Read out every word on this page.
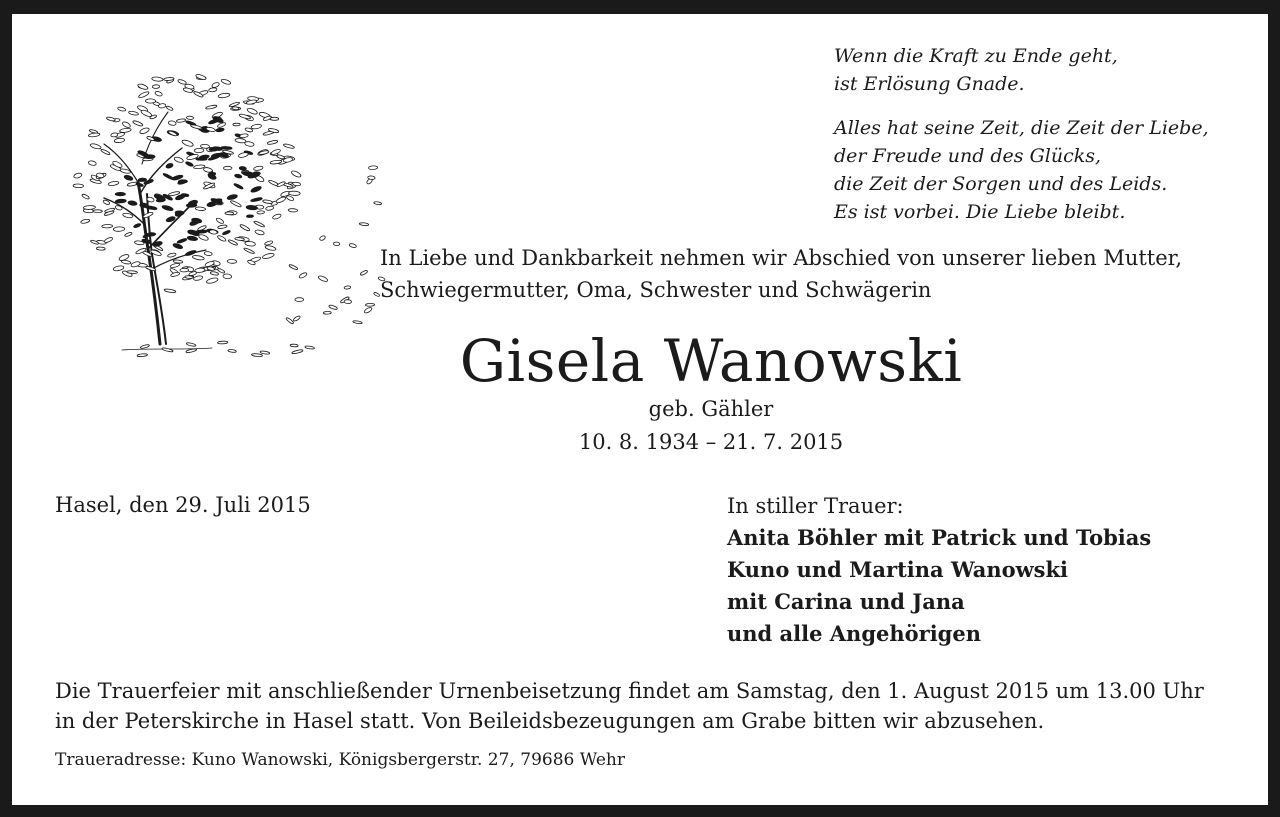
Wenn die Kraft zu Ende geht,
ist Erlösung Gnade.
Alles hat seine Zeit, die Zeit der Liebe,
der Freude und des Glücks,
die Zeit der Sorgen und des Leids.
Es ist vorbei. Die Liebe bleibt.
In Liebe und Dankbarkeit nehmen wir Abschied von unserer lieben Mutter,
Schwiegermutter, Oma, Schwester und Schwägerin
Gisela Wanowski
geb. Gähler
10. 8. 1934 – 21. 7. 2015
Hasel, den 29. Juli 2015	In stiller Trauer:
Anita Böhler mit Patrick und Tobias
Kuno und Martina Wanowski
mit Carina und Jana
und alle Angehörigen
Die Trauerfeier mit anschließender Urnenbeisetzung findet am Samstag, den 1. August 2015 um 13.00 Uhr
in der Peterskirche in Hasel statt. Von Beileidsbezeugungen am Grabe bitten wir abzusehen.
Traueradresse: Kuno Wanowski, Königsbergerstr. 27, 79686 Wehr
